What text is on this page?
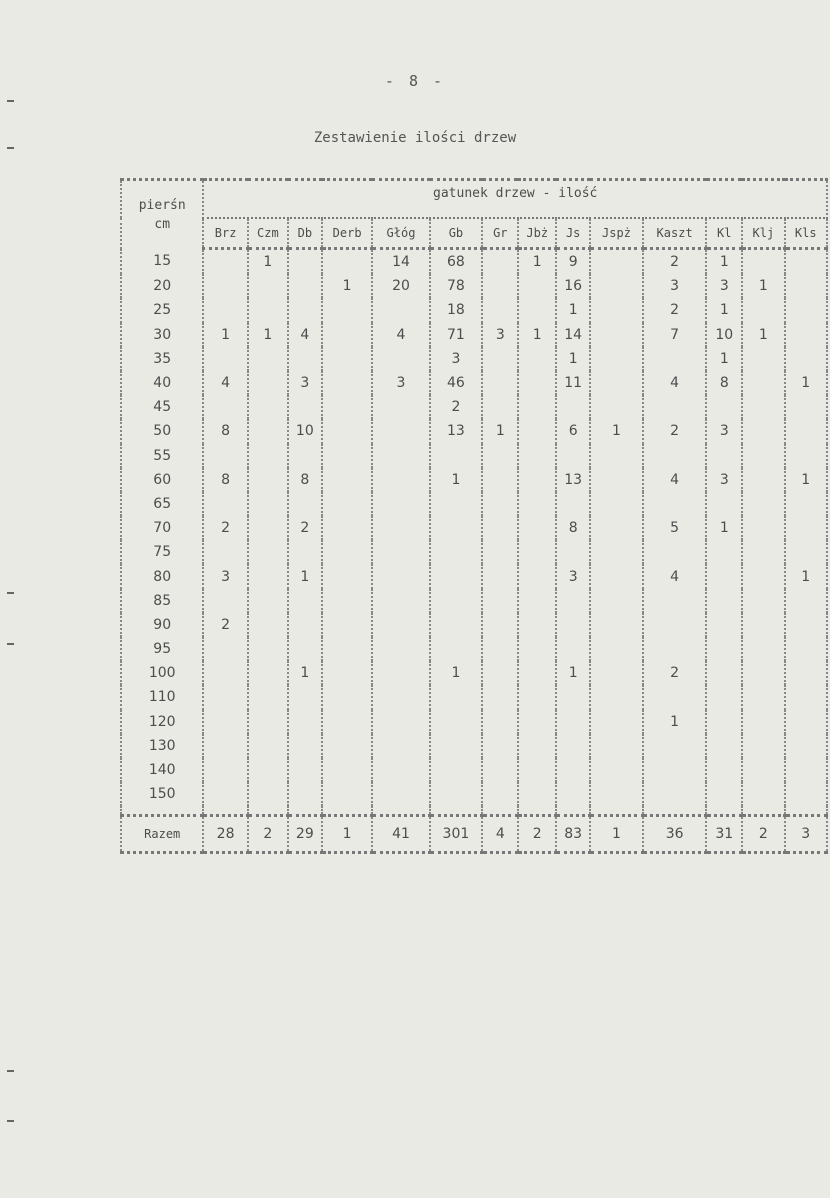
- 8 -
Zestawienie ilości drzew
pierśn
cm	gatunek drzew - ilość													
	Brz	Czm	Db	Derb	Głóg	Gb	Gr	Jbż	Js	Jspż	Kaszt	Kl	Klj	Kls
15		1			14	68		1	9		2	1		
20				1	20	78			16		3	3	1	
25						18			1		2	1		
30	1	1	4		4	71	3	1	14		7	10	1	
35						3			1			1		
40	4		3		3	46			11		4	8		1
45						2								
50	8		10			13	1		6	1	2	3		
55														
60	8		8			1			13		4	3		1
65														
70	2		2						8		5	1		
75														
80	3		1						3		4			1
85														
90	2													
95														
100			1			1			1		2			
110														
120											1			
130														
140														
150														

Razem	28	2	29	1	41	301	4	2	83	1	36	31	2	3
